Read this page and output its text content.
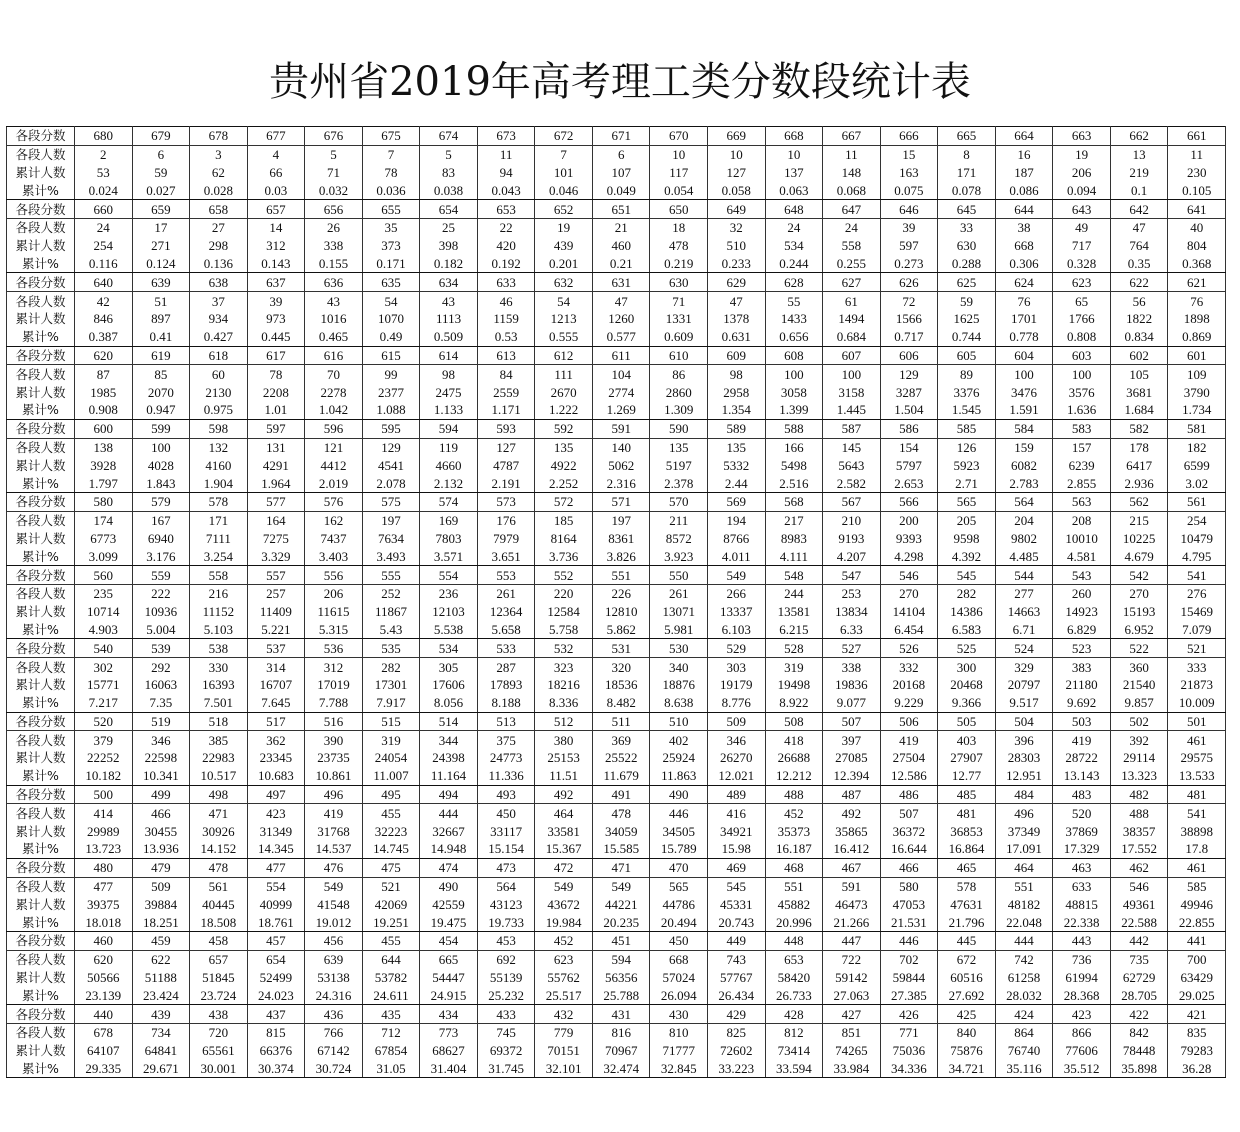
贵州省2019年高考理工类分数段统计表
各段分数	680	679	678	677	676	675	674	673	672	671	670	669	668	667	666	665	664	663	662	661
各段人数	2	6	3	4	5	7	5	11	7	6	10	10	10	11	15	8	16	19	13	11
累计人数	53	59	62	66	71	78	83	94	101	107	117	127	137	148	163	171	187	206	219	230
累计%	0.024	0.027	0.028	0.03	0.032	0.036	0.038	0.043	0.046	0.049	0.054	0.058	0.063	0.068	0.075	0.078	0.086	0.094	0.1	0.105
各段分数	660	659	658	657	656	655	654	653	652	651	650	649	648	647	646	645	644	643	642	641
各段人数	24	17	27	14	26	35	25	22	19	21	18	32	24	24	39	33	38	49	47	40
累计人数	254	271	298	312	338	373	398	420	439	460	478	510	534	558	597	630	668	717	764	804
累计%	0.116	0.124	0.136	0.143	0.155	0.171	0.182	0.192	0.201	0.21	0.219	0.233	0.244	0.255	0.273	0.288	0.306	0.328	0.35	0.368
各段分数	640	639	638	637	636	635	634	633	632	631	630	629	628	627	626	625	624	623	622	621
各段人数	42	51	37	39	43	54	43	46	54	47	71	47	55	61	72	59	76	65	56	76
累计人数	846	897	934	973	1016	1070	1113	1159	1213	1260	1331	1378	1433	1494	1566	1625	1701	1766	1822	1898
累计%	0.387	0.41	0.427	0.445	0.465	0.49	0.509	0.53	0.555	0.577	0.609	0.631	0.656	0.684	0.717	0.744	0.778	0.808	0.834	0.869
各段分数	620	619	618	617	616	615	614	613	612	611	610	609	608	607	606	605	604	603	602	601
各段人数	87	85	60	78	70	99	98	84	111	104	86	98	100	100	129	89	100	100	105	109
累计人数	1985	2070	2130	2208	2278	2377	2475	2559	2670	2774	2860	2958	3058	3158	3287	3376	3476	3576	3681	3790
累计%	0.908	0.947	0.975	1.01	1.042	1.088	1.133	1.171	1.222	1.269	1.309	1.354	1.399	1.445	1.504	1.545	1.591	1.636	1.684	1.734
各段分数	600	599	598	597	596	595	594	593	592	591	590	589	588	587	586	585	584	583	582	581
各段人数	138	100	132	131	121	129	119	127	135	140	135	135	166	145	154	126	159	157	178	182
累计人数	3928	4028	4160	4291	4412	4541	4660	4787	4922	5062	5197	5332	5498	5643	5797	5923	6082	6239	6417	6599
累计%	1.797	1.843	1.904	1.964	2.019	2.078	2.132	2.191	2.252	2.316	2.378	2.44	2.516	2.582	2.653	2.71	2.783	2.855	2.936	3.02
各段分数	580	579	578	577	576	575	574	573	572	571	570	569	568	567	566	565	564	563	562	561
各段人数	174	167	171	164	162	197	169	176	185	197	211	194	217	210	200	205	204	208	215	254
累计人数	6773	6940	7111	7275	7437	7634	7803	7979	8164	8361	8572	8766	8983	9193	9393	9598	9802	10010	10225	10479
累计%	3.099	3.176	3.254	3.329	3.403	3.493	3.571	3.651	3.736	3.826	3.923	4.011	4.111	4.207	4.298	4.392	4.485	4.581	4.679	4.795
各段分数	560	559	558	557	556	555	554	553	552	551	550	549	548	547	546	545	544	543	542	541
各段人数	235	222	216	257	206	252	236	261	220	226	261	266	244	253	270	282	277	260	270	276
累计人数	10714	10936	11152	11409	11615	11867	12103	12364	12584	12810	13071	13337	13581	13834	14104	14386	14663	14923	15193	15469
累计%	4.903	5.004	5.103	5.221	5.315	5.43	5.538	5.658	5.758	5.862	5.981	6.103	6.215	6.33	6.454	6.583	6.71	6.829	6.952	7.079
各段分数	540	539	538	537	536	535	534	533	532	531	530	529	528	527	526	525	524	523	522	521
各段人数	302	292	330	314	312	282	305	287	323	320	340	303	319	338	332	300	329	383	360	333
累计人数	15771	16063	16393	16707	17019	17301	17606	17893	18216	18536	18876	19179	19498	19836	20168	20468	20797	21180	21540	21873
累计%	7.217	7.35	7.501	7.645	7.788	7.917	8.056	8.188	8.336	8.482	8.638	8.776	8.922	9.077	9.229	9.366	9.517	9.692	9.857	10.009
各段分数	520	519	518	517	516	515	514	513	512	511	510	509	508	507	506	505	504	503	502	501
各段人数	379	346	385	362	390	319	344	375	380	369	402	346	418	397	419	403	396	419	392	461
累计人数	22252	22598	22983	23345	23735	24054	24398	24773	25153	25522	25924	26270	26688	27085	27504	27907	28303	28722	29114	29575
累计%	10.182	10.341	10.517	10.683	10.861	11.007	11.164	11.336	11.51	11.679	11.863	12.021	12.212	12.394	12.586	12.77	12.951	13.143	13.323	13.533
各段分数	500	499	498	497	496	495	494	493	492	491	490	489	488	487	486	485	484	483	482	481
各段人数	414	466	471	423	419	455	444	450	464	478	446	416	452	492	507	481	496	520	488	541
累计人数	29989	30455	30926	31349	31768	32223	32667	33117	33581	34059	34505	34921	35373	35865	36372	36853	37349	37869	38357	38898
累计%	13.723	13.936	14.152	14.345	14.537	14.745	14.948	15.154	15.367	15.585	15.789	15.98	16.187	16.412	16.644	16.864	17.091	17.329	17.552	17.8
各段分数	480	479	478	477	476	475	474	473	472	471	470	469	468	467	466	465	464	463	462	461
各段人数	477	509	561	554	549	521	490	564	549	549	565	545	551	591	580	578	551	633	546	585
累计人数	39375	39884	40445	40999	41548	42069	42559	43123	43672	44221	44786	45331	45882	46473	47053	47631	48182	48815	49361	49946
累计%	18.018	18.251	18.508	18.761	19.012	19.251	19.475	19.733	19.984	20.235	20.494	20.743	20.996	21.266	21.531	21.796	22.048	22.338	22.588	22.855
各段分数	460	459	458	457	456	455	454	453	452	451	450	449	448	447	446	445	444	443	442	441
各段人数	620	622	657	654	639	644	665	692	623	594	668	743	653	722	702	672	742	736	735	700
累计人数	50566	51188	51845	52499	53138	53782	54447	55139	55762	56356	57024	57767	58420	59142	59844	60516	61258	61994	62729	63429
累计%	23.139	23.424	23.724	24.023	24.316	24.611	24.915	25.232	25.517	25.788	26.094	26.434	26.733	27.063	27.385	27.692	28.032	28.368	28.705	29.025
各段分数	440	439	438	437	436	435	434	433	432	431	430	429	428	427	426	425	424	423	422	421
各段人数	678	734	720	815	766	712	773	745	779	816	810	825	812	851	771	840	864	866	842	835
累计人数	64107	64841	65561	66376	67142	67854	68627	69372	70151	70967	71777	72602	73414	74265	75036	75876	76740	77606	78448	79283
累计%	29.335	29.671	30.001	30.374	30.724	31.05	31.404	31.745	32.101	32.474	32.845	33.223	33.594	33.984	34.336	34.721	35.116	35.512	35.898	36.28
